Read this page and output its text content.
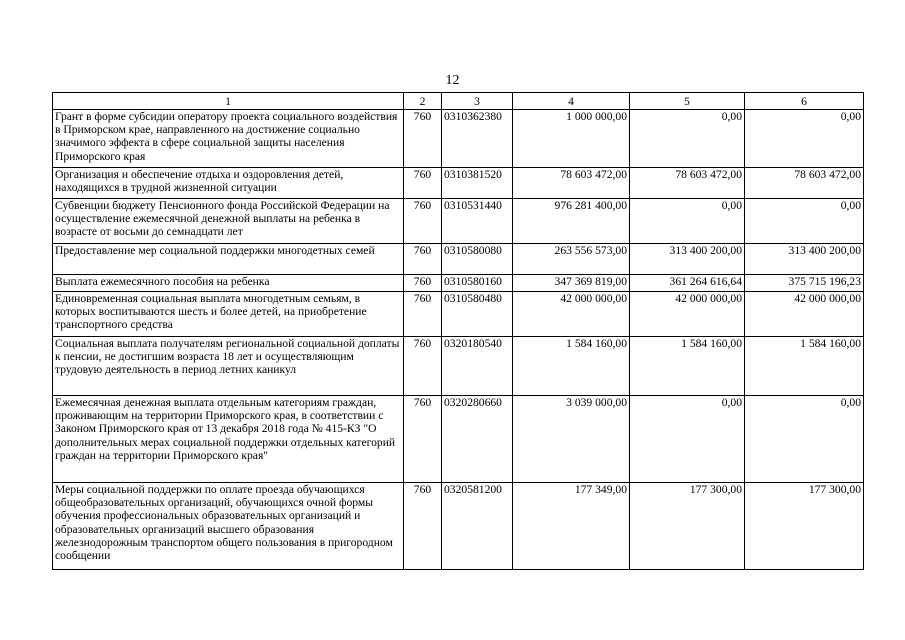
12
1	2	3	4	5	6
Грант в форме субсидии оператору проекта социального воздействия в Приморском крае, направленного на достижение социально значимого эффекта в сфере социальной защиты населения Приморского края	760	0310362380	1 000 000,00	0,00	0,00
Организация и обеспечение отдыха и оздоровления детей, находящихся в трудной жизненной ситуации	760	0310381520	78 603 472,00	78 603 472,00	78 603 472,00
Субвенции бюджету Пенсионного фонда Российской Федерации на осуществление ежемесячной денежной выплаты на ребенка в возрасте от восьми до семнадцати лет	760	0310531440	976 281 400,00	0,00	0,00
Предоставление мер социальной поддержки многодетных семей	760	0310580080	263 556 573,00	313 400 200,00	313 400 200,00
Выплата ежемесячного пособия на ребенка	760	0310580160	347 369 819,00	361 264 616,64	375 715 196,23
Единовременная социальная выплата многодетным семьям, в которых воспитываются шесть и более детей, на приобретение транспортного средства	760	0310580480	42 000 000,00	42 000 000,00	42 000 000,00
Социальная выплата получателям региональной социальной доплаты к пенсии, не достигшим возраста 18 лет и осуществляющим трудовую деятельность в период летних каникул	760	0320180540	1 584 160,00	1 584 160,00	1 584 160,00
Ежемесячная денежная выплата отдельным категориям граждан, проживающим на территории Приморского края, в соответствии с Законом Приморского края от 13 декабря 2018 года № 415-КЗ "О дополнительных мерах социальной поддержки отдельных категорий граждан на территории Приморского края"	760	0320280660	3 039 000,00	0,00	0,00
Меры социальной поддержки по оплате проезда обучающихся общеобразовательных организаций, обучающихся очной формы обучения профессиональных образовательных организаций и образовательных организаций высшего образования железнодорожным транспортом общего пользования в пригородном сообщении	760	0320581200	177 349,00	177 300,00	177 300,00
